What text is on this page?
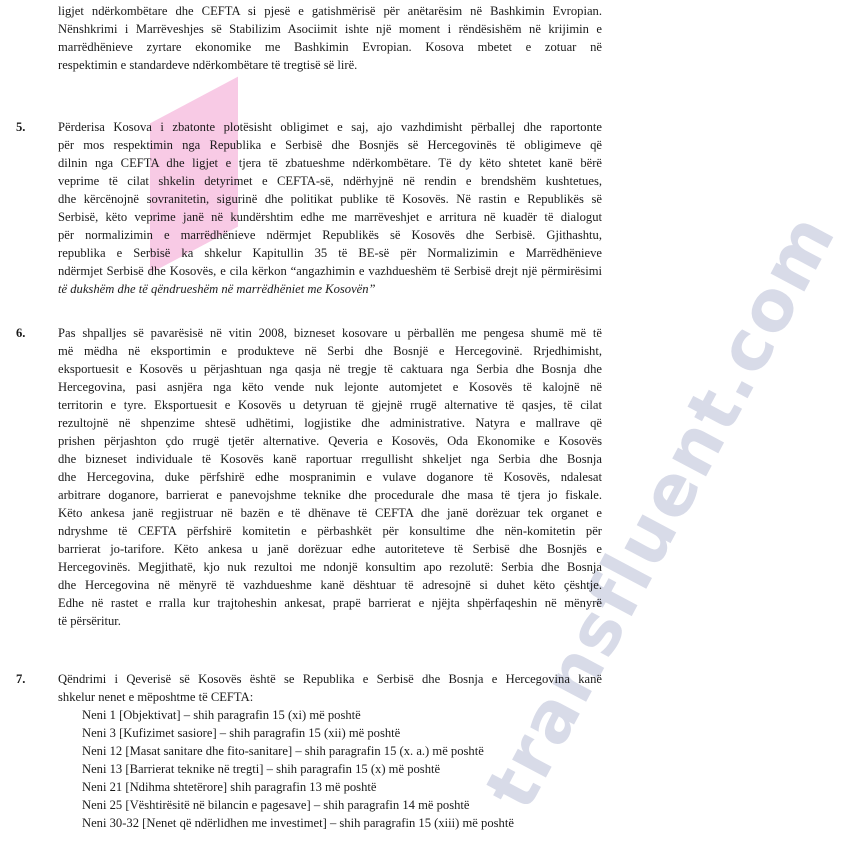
transfluent.com
ligjet ndërkombëtare dhe CEFTA si pjesë e gatishmërisë për anëtarësim në Bashkimin Evropian.
Nënshkrimi i Marrëveshjes së Stabilizim Asociimit ishte një moment i rëndësishëm në krijimin e
marrëdhënieve zyrtare ekonomike me Bashkimin Evropian. Kosova mbetet e zotuar në
respektimin e standardeve ndërkombëtare të tregtisë së lirë.
5.	Përderisa Kosova i zbatonte plotësisht obligimet e saj, ajo vazhdimisht përballej dhe raportonte
për mos respektimin nga Republika e Serbisë dhe Bosnjës së Hercegovinës të obligimeve që
dilnin nga CEFTA dhe ligjet e tjera të zbatueshme ndërkombëtare. Të dy këto shtetet kanë bërë
veprime të cilat shkelin detyrimet e CEFTA-së, ndërhyjnë në rendin e brendshëm kushtetues,
dhe kërcënojnë sovranitetin, sigurinë dhe politikat publike të Kosovës. Në rastin e Republikës së
Serbisë, këto veprime janë në kundërshtim edhe me marrëveshjet e arritura në kuadër të dialogut
për normalizimin e marrëdhënieve ndërmjet Republikës së Kosovës dhe Serbisë. Gjithashtu,
republika e Serbisë ka shkelur Kapitullin 35 të BE-së për Normalizimin e Marrëdhënieve
ndërmjet Serbisë dhe Kosovës, e cila kërkon “angazhimin e vazhdueshëm të Serbisë drejt një përmirësimi
të dukshëm dhe të qëndrueshëm në marrëdhëniet me Kosovën”
6.	Pas shpalljes së pavarësisë në vitin 2008, bizneset kosovare u përballën me pengesa shumë më të
më mëdha në eksportimin e produkteve në Serbi dhe Bosnjë e Hercegovinë. Rrjedhimisht,
eksportuesit e Kosovës u përjashtuan nga qasja në tregje të caktuara nga Serbia dhe Bosnja dhe
Hercegovina, pasi asnjëra nga këto vende nuk lejonte automjetet e Kosovës të kalojnë në
territorin e tyre. Eksportuesit e Kosovës u detyruan të gjejnë rrugë alternative të qasjes, të cilat
rezultojnë në shpenzime shtesë udhëtimi, logjistike dhe administrative. Natyra e mallrave që
prishen përjashton çdo rrugë tjetër alternative. Qeveria e Kosovës, Oda Ekonomike e Kosovës
dhe bizneset individuale të Kosovës kanë raportuar rregullisht shkeljet nga Serbia dhe Bosnja
dhe Hercegovina, duke përfshirë edhe mospranimin e vulave doganore të Kosovës, ndalesat
arbitrare doganore, barrierat e panevojshme teknike dhe procedurale dhe masa të tjera jo fiskale.
Këto ankesa janë regjistruar në bazën e të dhënave të CEFTA dhe janë dorëzuar tek organet e
ndryshme të CEFTA përfshirë komitetin e përbashkët për konsultime dhe nën-komitetin për
barrierat jo-tarifore. Këto ankesa u janë dorëzuar edhe autoriteteve të Serbisë dhe Bosnjës e
Hercegovinës. Megjithatë, kjo nuk rezultoi me ndonjë konsultim apo rezolutë: Serbia dhe Bosnja
dhe Hercegovina në mënyrë të vazhdueshme kanë dështuar të adresojnë si duhet këto çështje.
Edhe në rastet e rralla kur trajtoheshin ankesat, prapë barrierat e njëjta shpërfaqeshin në mënyrë
të përsëritur.
7.	Qëndrimi i Qeverisë së Kosovës është se Republika e Serbisë dhe Bosnja e Hercegovina kanë
shkelur nenet e mëposhtme të CEFTA:
Neni 1 [Objektivat] – shih paragrafin 15 (xi) më poshtë
Neni 3 [Kufizimet sasiore] – shih paragrafin 15 (xii) më poshtë
Neni 12 [Masat sanitare dhe fito-sanitare] – shih paragrafin 15 (x. a.) më poshtë
Neni 13 [Barrierat teknike në tregti] – shih paragrafin 15 (x) më poshtë
Neni 21 [Ndihma shtetërore] shih paragrafin 13 më poshtë
Neni 25 [Vështirësitë në bilancin e pagesave] – shih paragrafin 14 më poshtë
Neni 30-32 [Nenet që ndërlidhen me investimet] – shih paragrafin 15 (xiii) më poshtë
